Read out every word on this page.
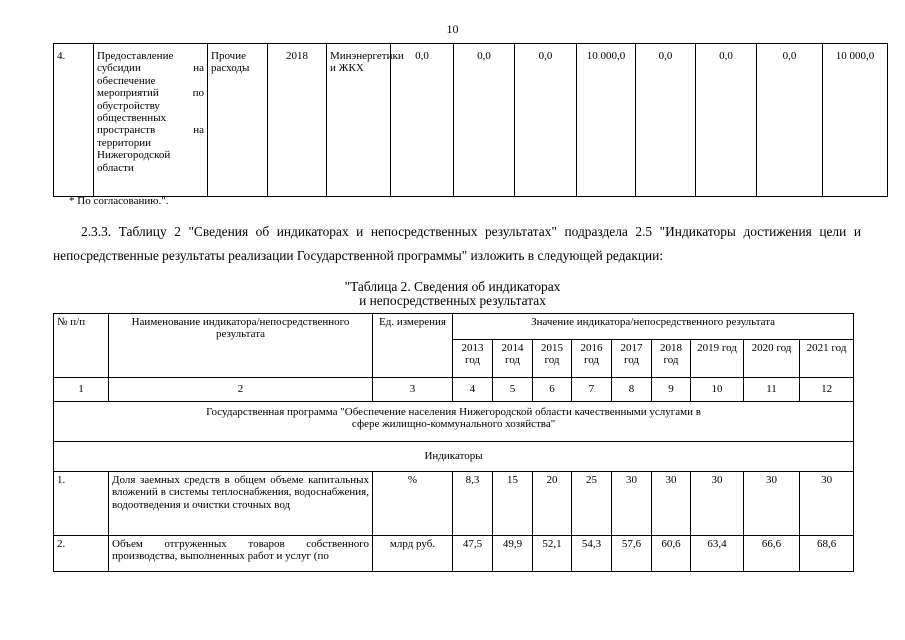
10
4.	Предоставление субсидии на обеспечение мероприятий по обустройству общественных пространств на территории Нижегородской области	Прочие расходы	2018	Минэнергетики и ЖКХ	0,0	0,0	0,0	10 000,0	0,0	0,0	0,0	10 000,0
* По согласованию.".
2.3.3. Таблицу 2 "Сведения об индикаторах и непосредственных результатах" подраздела 2.5 "Индикаторы достижения цели и непосредственные результаты реализации Государственной программы" изложить в следующей редакции:
"Таблица 2. Сведения об индикаторах
и непосредственных результатах
№ п/п	Наименование индикатора/непосредственного результата	Ед. измерения	Значение индикатора/непосредственного результата								
			2013 год	2014 год	2015 год	2016 год	2017 год	2018 год	2019 год	2020 год	2021 год
1	2	3	4	5	6	7	8	9	10	11	12
Государственная программа "Обеспечение населения Нижегородской области качественными услугами в сфере жилищно-коммунального хозяйства"											
Индикаторы											
1.	Доля заемных средств в общем объеме капитальных вложений в системы теплоснабжения, водоснабжения, водоотведения и очистки сточных вод	%	8,3	15	20	25	30	30	30	30	30
2.	Объем отгруженных товаров собственного производства, выполненных работ и услуг (по	млрд руб.	47,5	49,9	52,1	54,3	57,6	60,6	63,4	66,6	68,6
